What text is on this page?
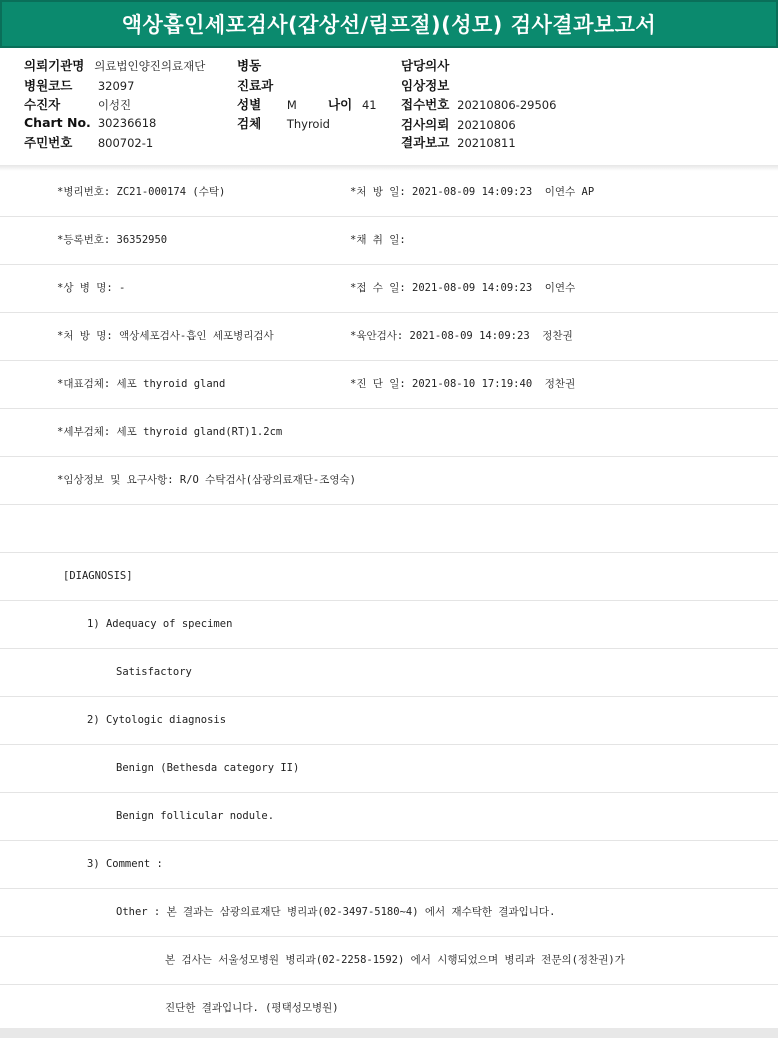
액상흡인세포검사(갑상선/림프절)(성모) 검사결과보고서
의뢰기관명 의료법인양진의료재단
병원코드 32097
수진자	이성진
Chart No. 30236618
주민번호 800702-1
병동
진료과
성별 M 나이 41
검체 Thyroid
담당의사
임상정보
접수번호 20210806-29506
검사의뢰 20210806
결과보고 20210811
*병리번호: ZC21-000174 (수탁)	*처 방 일: 2021-08-09 14:09:23  이연수 AP
*등록번호: 36352950	*채 취 일:
*상 병 명: -	*접 수 일: 2021-08-09 14:09:23  이연수
*처 방 명: 액상세포검사-흡인 세포병리검사	*육안검사: 2021-08-09 14:09:23  정찬권
*대표검체: 세포 thyroid gland	*진 단 일: 2021-08-10 17:19:40  정찬권
*세부검체: 세포 thyroid gland(RT)1.2cm
*임상정보 및 요구사항: R/O 수탁검사(삼광의료재단-조영숙)
[DIAGNOSIS]
1) Adequacy of specimen
Satisfactory
2) Cytologic diagnosis
Benign (Bethesda category II)
Benign follicular nodule.
3) Comment :
Other : 본 결과는 삼광의료재단 병리과(02-3497-5180~4) 에서 재수탁한 결과입니다.
본 검사는 서울성모병원 병리과(02-2258-1592) 에서 시행되었으며 병리과 전문의(정찬권)가
진단한 결과입니다. (평택성모병원)
